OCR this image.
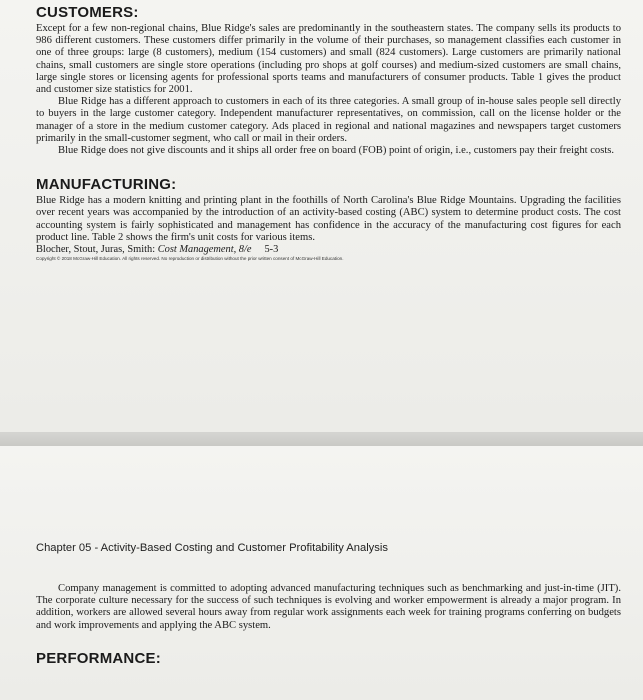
CUSTOMERS:

Except for a few non-regional chains, Blue Ridge's sales are predominantly in the southeastern states. The company sells its products to 986 different customers. These customers differ primarily in the volume of their purchases, so management classifies each customer in one of three groups: large (8 customers), medium (154 customers) and small (824 customers). Large customers are primarily national chains, small customers are single store operations (including pro shops at golf courses) and medium-sized customers are small chains, large single stores or licensing agents for professional sports teams and manufacturers of consumer products. Table 1 gives the product and customer size statistics for 2001.

Blue Ridge has a different approach to customers in each of its three categories. A small group of in-house sales people sell directly to buyers in the large customer category. Independent manufacturer representatives, on commission, call on the license holder or the manager of a store in the medium customer category. Ads placed in regional and national magazines and newspapers target customers primarily in the small-customer segment, who call or mail in their orders.

Blue Ridge does not give discounts and it ships all order free on board (FOB) point of origin, i.e., customers pay their freight costs.

MANUFACTURING:

Blue Ridge has a modern knitting and printing plant in the foothills of North Carolina's Blue Ridge Mountains. Upgrading the facilities over recent years was accompanied by the introduction of an activity-based costing (ABC) system to determine product costs. The cost accounting system is fairly sophisticated and management has confidence in the accuracy of the manufacturing cost figures for each product line. Table 2 shows the firm's unit costs for various items.

Blocher, Stout, Juras, Smith: Cost Management, 8/e 5-3

Copyright © 2018 McGraw-Hill Education. All rights reserved. No reproduction or distribution without the prior written consent of McGraw-Hill Education.

Chapter 05 - Activity-Based Costing and Customer Profitability Analysis

Company management is committed to adopting advanced manufacturing techniques such as benchmarking and just-in-time (JIT). The corporate culture necessary for the success of such techniques is evolving and worker empowerment is already a major program. In addition, workers are allowed several hours away from regular work assignments each week for training programs conferring on budgets and work improvements and applying the ABC system.

PERFORMANCE:
